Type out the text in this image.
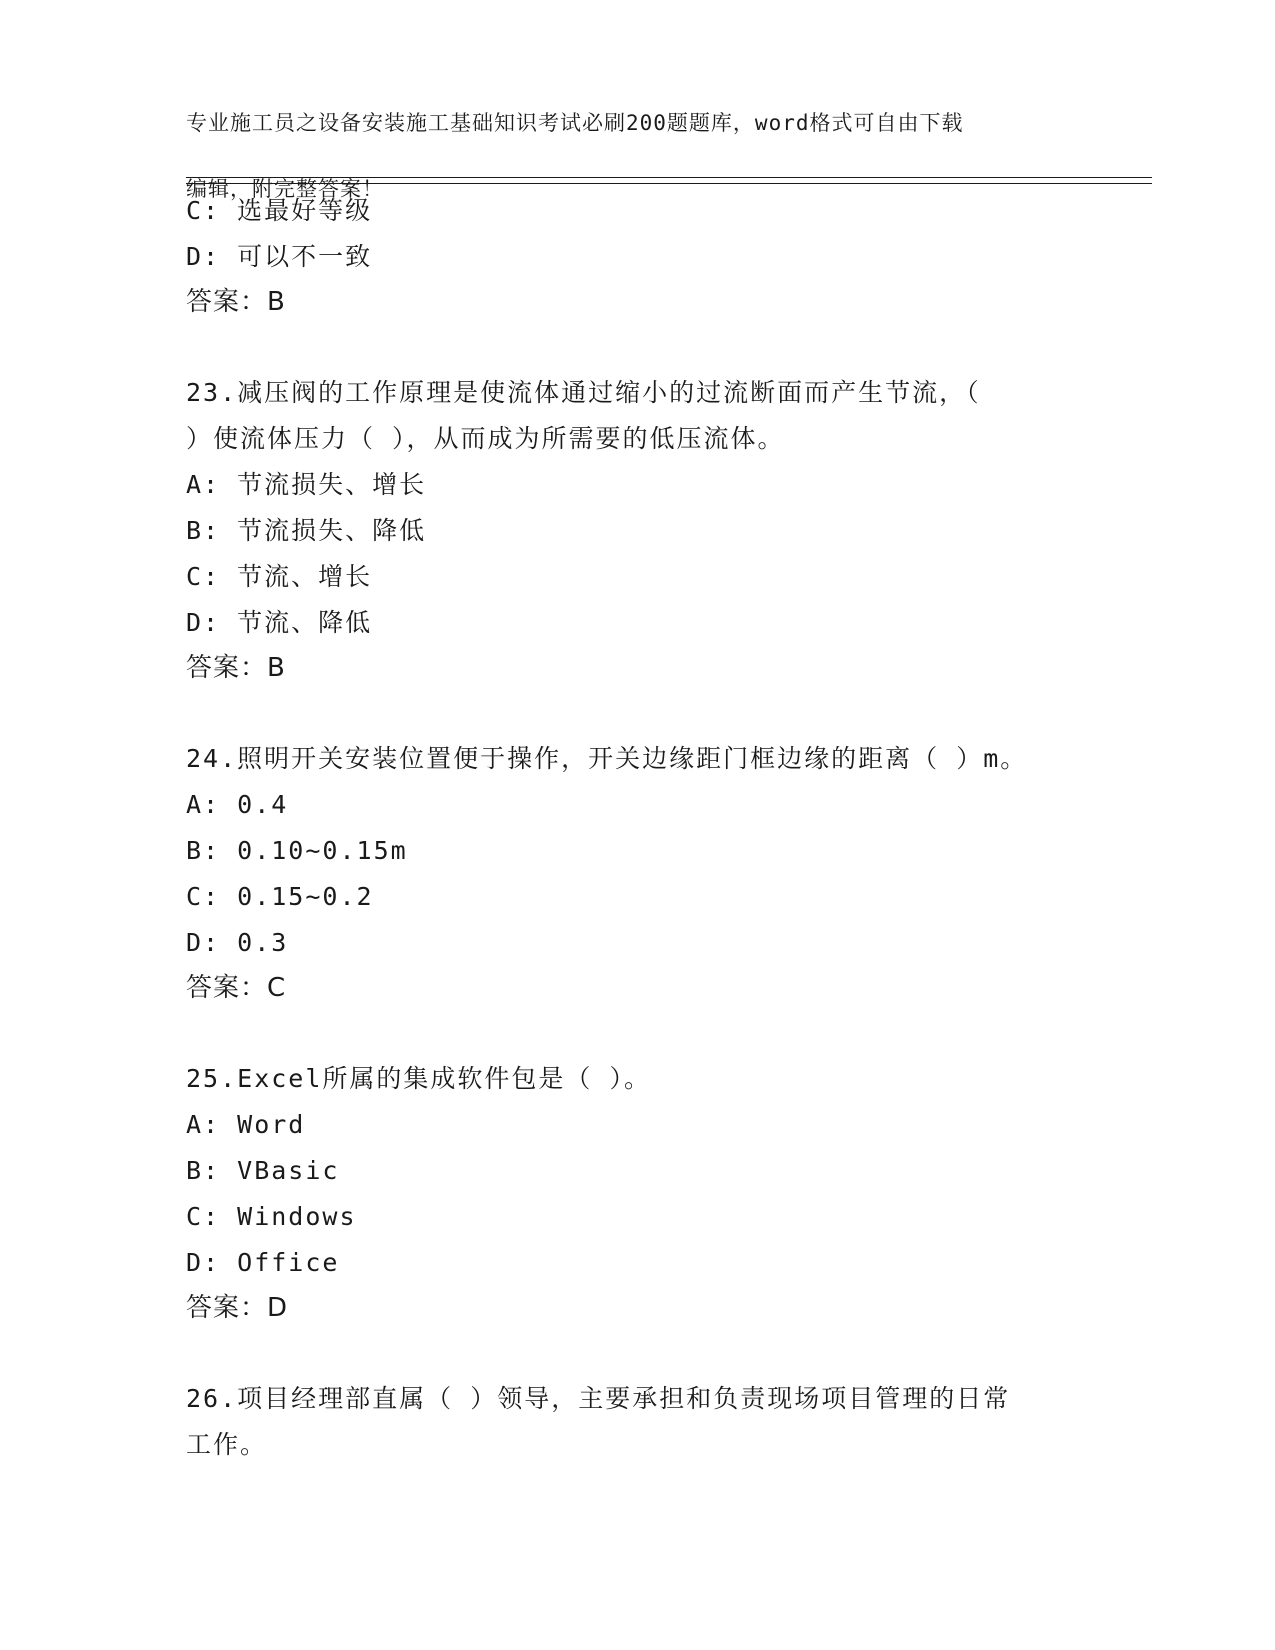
专业施工员之设备安装施工基础知识考试必刷200题题库，word格式可自由下载

编辑，附完整答案！

C: 选最好等级
D: 可以不一致
答案：B
23.减压阀的工作原理是使流体通过缩小的过流断面而产生节流，（
）使流体压力（ ），从而成为所需要的低压流体。
A: 节流损失、增长
B: 节流损失、降低
C: 节流、增长
D: 节流、降低
答案：B
24.照明开关安装位置便于操作，开关边缘距门框边缘的距离（ ）m。
A: 0.4
B: 0.10~0.15m
C: 0.15~0.2
D: 0.3
答案：C
25.Excel所属的集成软件包是（ ）。
A: Word
B: VBasic
C: Windows
D: Office
答案：D
26.项目经理部直属（ ）领导，主要承担和负责现场项目管理的日常
工作。
